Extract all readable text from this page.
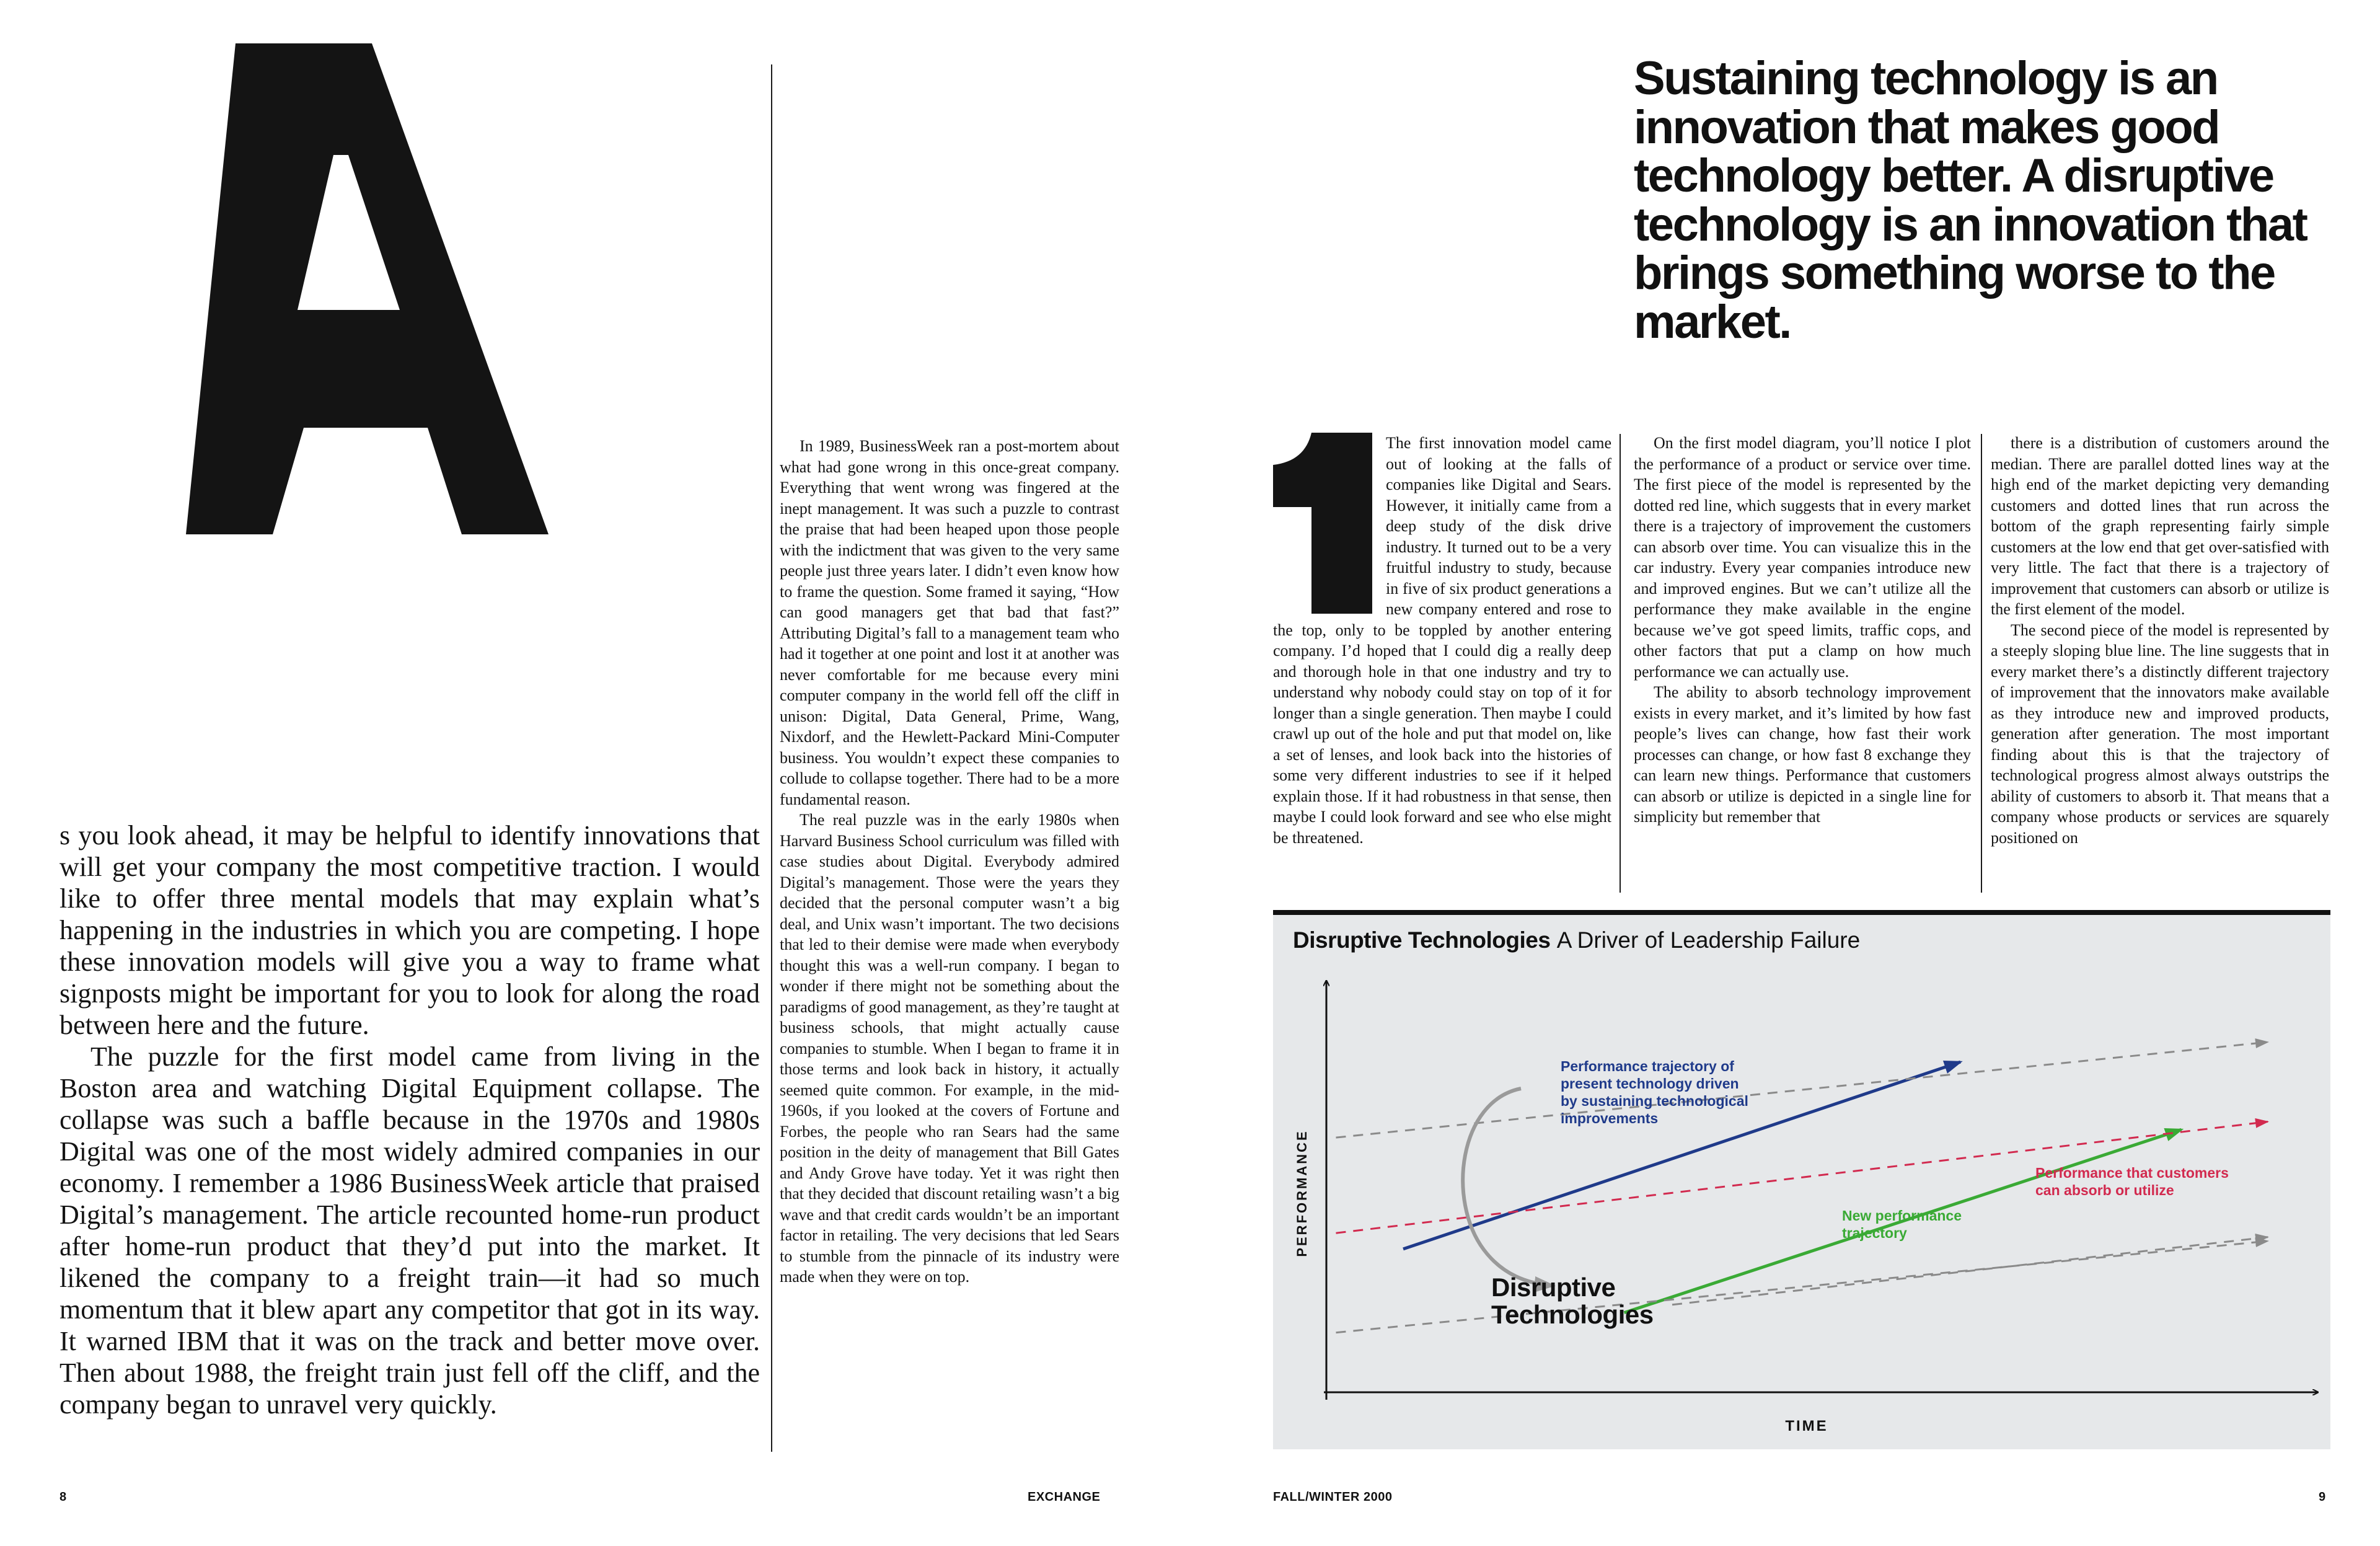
s you look ahead, it may be helpful to identify innovations that will get your company the most competitive traction. I would like to offer three mental models that may explain what’s happening in the industries in which you are competing. I hope these innovation models will give you a way to frame what signposts might be important for you to look for along the road between here and the future.

The puzzle for the first model came from living in the Boston area and watching Digital Equipment collapse. The collapse was such a baffle because in the 1970s and 1980s Digital was one of the most widely admired companies in our economy. I remember a 1986 BusinessWeek article that praised Digital’s management. The article recounted home-run product after home-run product that they’d put into the market. It likened the company to a freight train—it had so much momentum that it blew apart any competitor that got in its way. It warned IBM that it was on the track and better move over. Then about 1988, the freight train just fell off the cliff, and the company began to unravel very quickly.

In 1989, BusinessWeek ran a post-mortem about what had gone wrong in this once-great company. Everything that went wrong was fingered at the inept management. It was such a puzzle to contrast the praise that had been heaped upon those people with the indictment that was given to the very same people just three years later. I didn’t even know how to frame the question. Some framed it saying, “How can good managers get that bad that fast?” Attributing Digital’s fall to a management team who had it together at one point and lost it at another was never comfortable for me because every mini computer company in the world fell off the cliff in unison: Digital, Data General, Prime, Wang, Nixdorf, and the Hewlett-Packard Mini-Computer business. You wouldn’t expect these companies to collude to collapse together. There had to be a more fundamental reason.

The real puzzle was in the early 1980s when Harvard Business School curriculum was filled with case studies about Digital. Everybody admired Digital’s management. Those were the years they decided that the personal computer wasn’t a big deal, and Unix wasn’t important. The two decisions that led to their demise were made when everybody thought this was a well-run company. I began to wonder if there might not be something about the paradigms of good management, as they’re taught at business schools, that might actually cause companies to stumble. When I began to frame it in those terms and look back in history, it actually seemed quite common. For example, in the mid-1960s, if you looked at the covers of Fortune and Forbes, the people who ran Sears had the same position in the deity of management that Bill Gates and Andy Grove have today. Yet it was right then that they decided that discount retailing wasn’t a big wave and that credit cards wouldn’t be an important factor in retailing. The very decisions that led Sears to stumble from the pinnacle of its industry were made when they were on top.

Sustaining technology is an innovation that makes good technology better. A disruptive technology is an innovation that brings something worse to the market.

The first innovation model came out of looking at the falls of companies like Digital and Sears. However, it initially came from a deep study of the disk drive industry. It turned out to be a very fruitful industry to study, because in five of six product generations a new company entered and rose to the top, only to be toppled by another entering company. I’d hoped that I could dig a really deep and thorough hole in that one industry and try to understand why nobody could stay on top of it for longer than a single generation. Then maybe I could crawl up out of the hole and put that model on, like a set of lenses, and look back into the histories of some very different industries to see if it helped explain those. If it had robustness in that sense, then maybe I could look forward and see who else might be threatened.

On the first model diagram, you’ll notice I plot the performance of a product or service over time. The first piece of the model is represented by the dotted red line, which suggests that in every market there is a trajectory of improvement the customers can absorb over time. You can visualize this in the car industry. Every year companies introduce new and improved engines. But we can’t utilize all the performance they make available in the engine because we’ve got speed limits, traffic cops, and other factors that put a clamp on how much performance we can actually use.

The ability to absorb technology improvement exists in every market, and it’s limited by how fast people’s lives can change, how fast their work processes can change, or how fast 8 exchange they can learn new things. Performance that customers can absorb or utilize is depicted in a single line for simplicity but remember that

there is a distribution of customers around the median. There are parallel dotted lines way at the high end of the market depicting very demanding customers and dotted lines that run across the bottom of the graph representing fairly simple customers at the low end that get over-satisfied with very little. The fact that there is a trajectory of improvement that customers can absorb or utilize is the first element of the model.

The second piece of the model is represented by a steeply sloping blue line. The line suggests that in every market there’s a distinctly different trajectory of improvement that the innovators make available as they introduce new and improved products, generation after generation. The most important finding about this is that the trajectory of technological progress almost always outstrips the ability of customers to absorb it. That means that a company whose products or services are squarely positioned on

Disruptive Technologies A Driver of Leadership Failure
TIME
PERFORMANCE
Performance trajectory of present technology driven by sustaining technological improvements
New performance trajectory
Performance that customers can absorb or utilize
Disruptive Technologies
8	EXCHANGE	FALL/WINTER 2000	9
